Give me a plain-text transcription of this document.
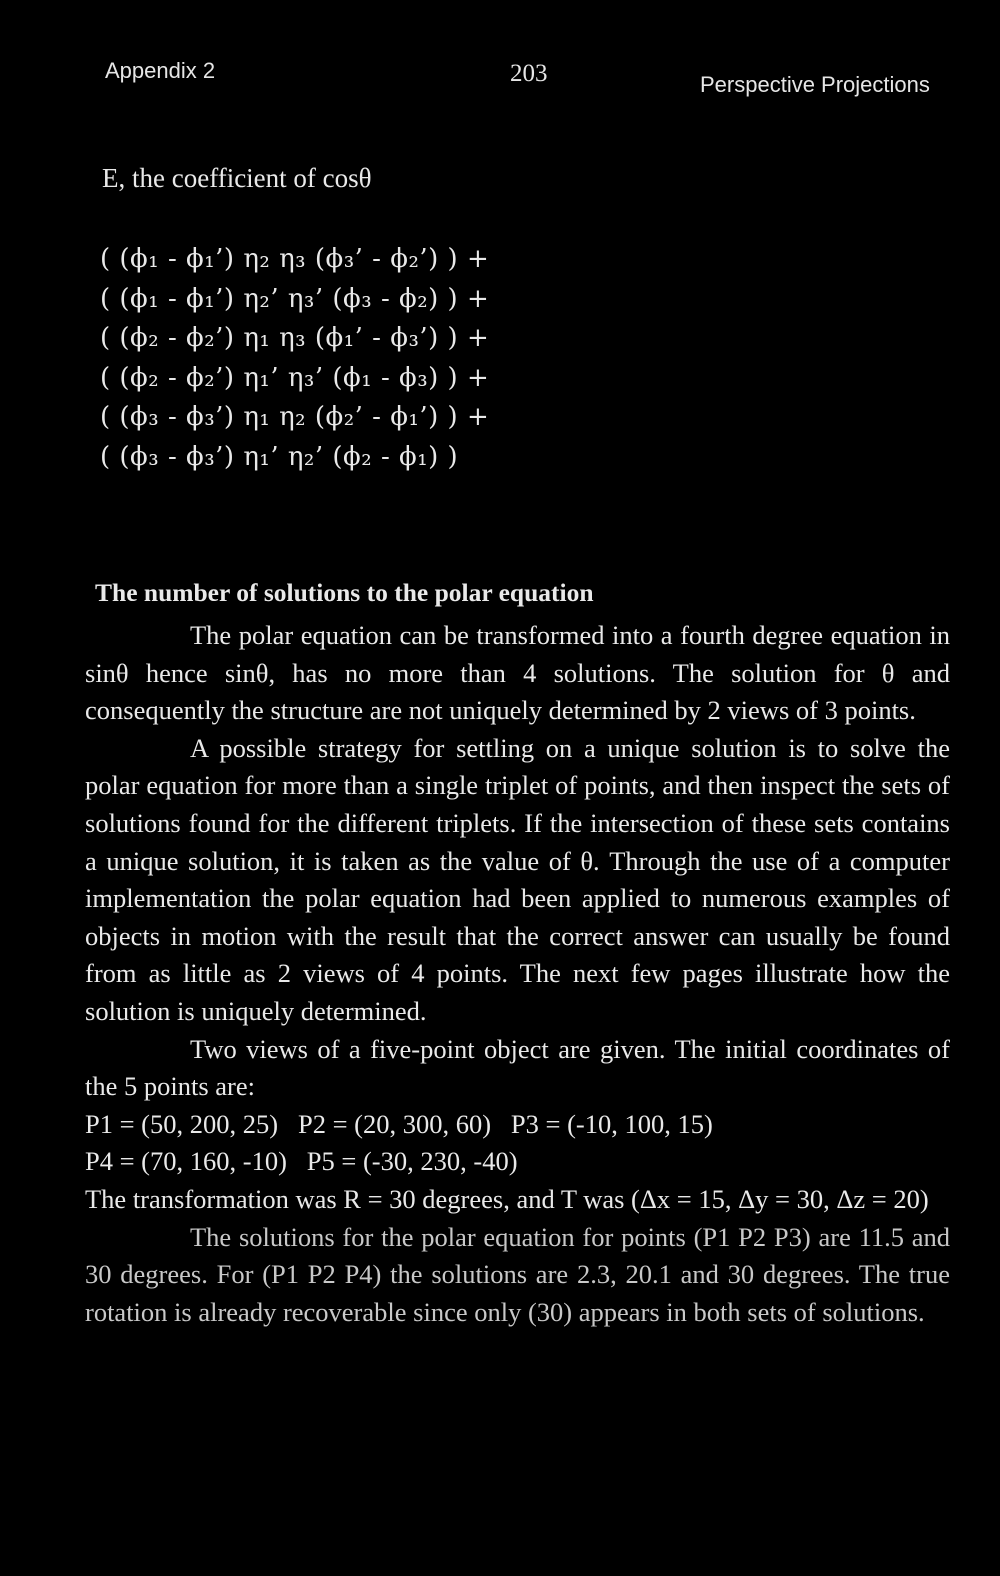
Appendix 2	203	Perspective Projections
E, the coefficient of cosθ
( (ϕ₁ - ϕ₁’) η₂ η₃ (ϕ₃’ - ϕ₂’) ) +
( (ϕ₁ - ϕ₁’) η₂’ η₃’ (ϕ₃ - ϕ₂) ) +
( (ϕ₂ - ϕ₂’) η₁ η₃ (ϕ₁’ - ϕ₃’) ) +
( (ϕ₂ - ϕ₂’) η₁’ η₃’ (ϕ₁ - ϕ₃) ) +
( (ϕ₃ - ϕ₃’) η₁ η₂ (ϕ₂’ - ϕ₁’) ) +
( (ϕ₃ - ϕ₃’) η₁’ η₂’ (ϕ₂ - ϕ₁) )
The number of solutions to the polar equation

The polar equation can be transformed into a fourth degree equation in sinθ hence sinθ, has no more than 4 solutions. The solution for θ and consequently the structure are not uniquely determined by 2 views of 3 points.

A possible strategy for settling on a unique solution is to solve the polar equation for more than a single triplet of points, and then inspect the sets of solutions found for the different triplets. If the intersection of these sets contains a unique solution, it is taken as the value of θ. Through the use of a computer implementation the polar equation had been applied to numerous examples of objects in motion with the result that the correct answer can usually be found from as little as 2 views of 4 points. The next few pages illustrate how the solution is uniquely determined.

Two views of a five-point object are given. The initial coordinates of the 5 points are:

P1 = (50, 200, 25)   P2 = (20, 300, 60)   P3 = (-10, 100, 15)

P4 = (70, 160, -10)   P5 = (-30, 230, -40)

The transformation was R = 30 degrees, and T was (Δx = 15, Δy = 30, Δz = 20)

The solutions for the polar equation for points (P1 P2 P3) are 11.5 and 30 degrees. For (P1 P2 P4) the solutions are 2.3, 20.1 and 30 degrees. The true rotation is already recoverable since only (30) appears in both sets of solutions.
